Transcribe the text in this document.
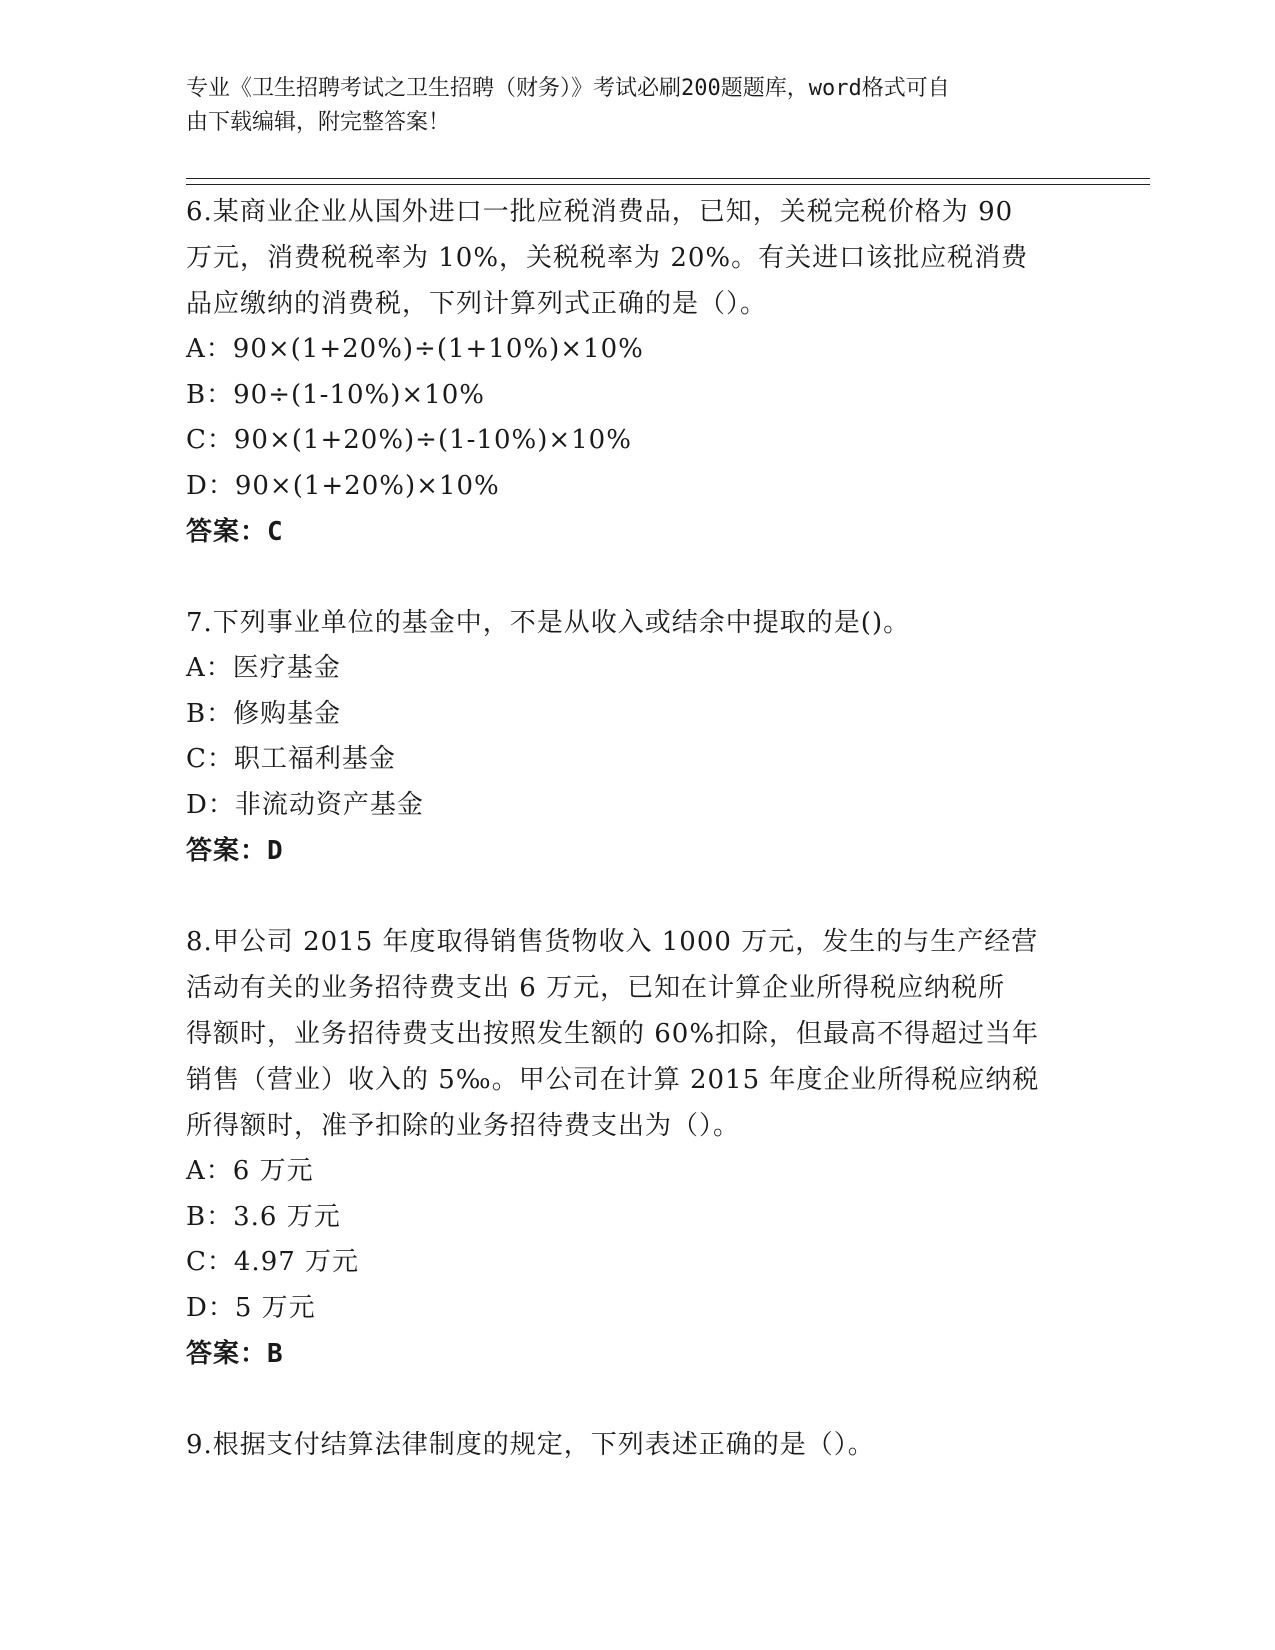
专业《卫生招聘考试之卫生招聘（财务）》考试必刷200题题库，word格式可自
由下载编辑，附完整答案！

6.某商业企业从国外进口一批应税消费品，已知，关税完税价格为 90

万元，消费税税率为 10%，关税税率为 20%。有关进口该批应税消费

品应缴纳的消费税，下列计算列式正确的是（）。

A：90×(1+20%)÷(1+10%)×10%

B：90÷(1-10%)×10%

C：90×(1+20%)÷(1-10%)×10%

D：90×(1+20%)×10%

答案：C

7.下列事业单位的基金中，不是从收入或结余中提取的是()。

A：医疗基金

B：修购基金

C：职工福利基金

D：非流动资产基金

答案：D

8.甲公司 2015 年度取得销售货物收入 1000 万元，发生的与生产经营

活动有关的业务招待费支出 6 万元，已知在计算企业所得税应纳税所

得额时，业务招待费支出按照发生额的 60%扣除，但最高不得超过当年

销售（营业）收入的 5‰。甲公司在计算 2015 年度企业所得税应纳税

所得额时，准予扣除的业务招待费支出为（）。

A：6 万元

B：3.6 万元

C：4.97 万元

D：5 万元

答案：B

9.根据支付结算法律制度的规定，下列表述正确的是（）。
